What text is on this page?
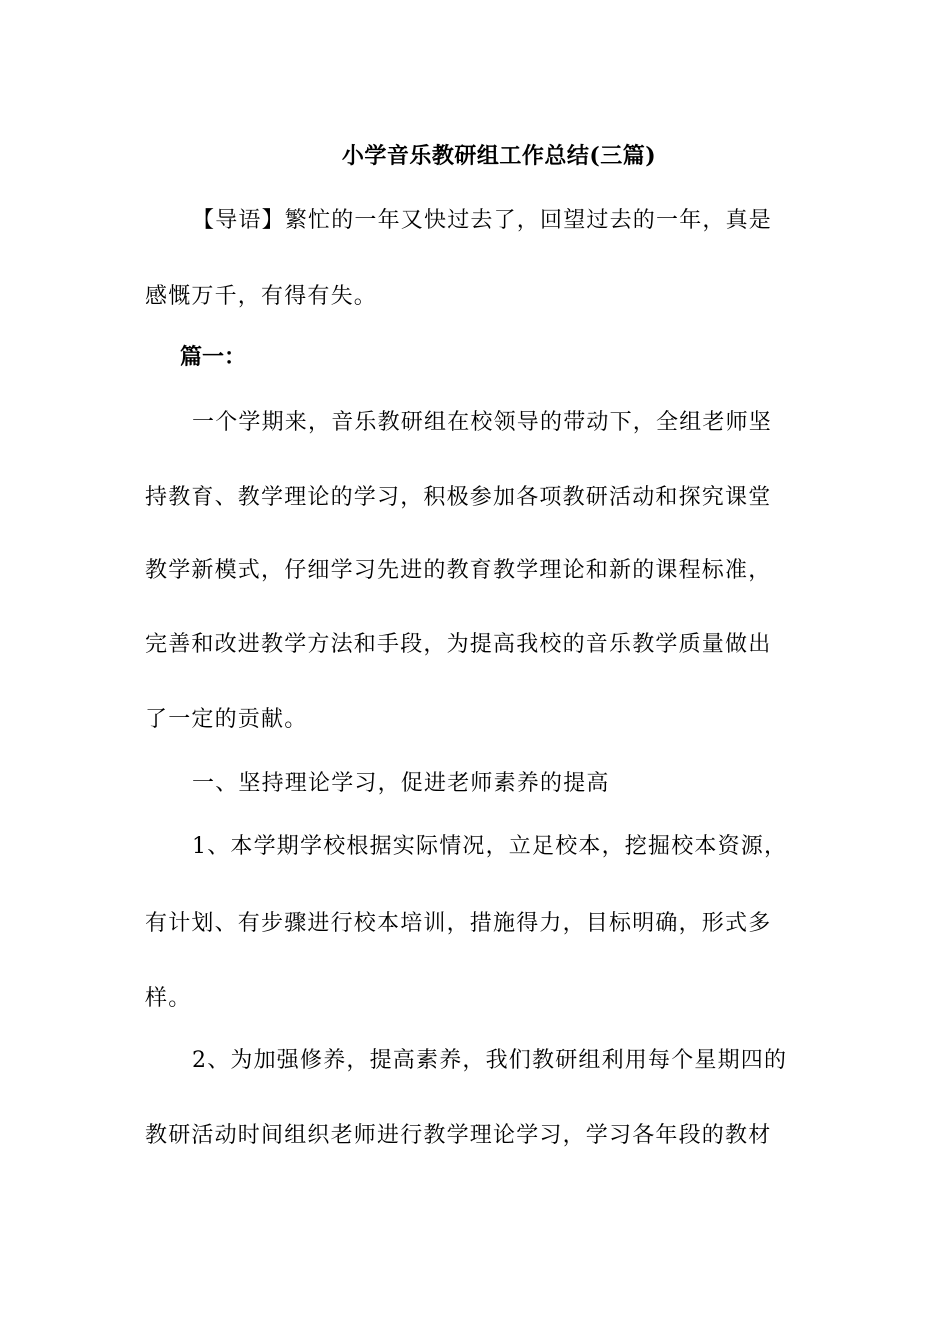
小学音乐教研组工作总结(三篇)
【导语】繁忙的一年又快过去了，回望过去的一年，真是
感慨万千，有得有失。
篇一：
一个学期来，音乐教研组在校领导的带动下，全组老师坚
持教育、教学理论的学习，积极参加各项教研活动和探究课堂
教学新模式，仔细学习先进的教育教学理论和新的课程标准，
完善和改进教学方法和手段，为提高我校的音乐教学质量做出
了一定的贡献。
一、坚持理论学习，促进老师素养的提高
1、本学期学校根据实际情况，立足校本，挖掘校本资源，
有计划、有步骤进行校本培训，措施得力，目标明确，形式多
样。
2、为加强修养，提高素养，我们教研组利用每个星期四的
教研活动时间组织老师进行教学理论学习，学习各年段的教材
